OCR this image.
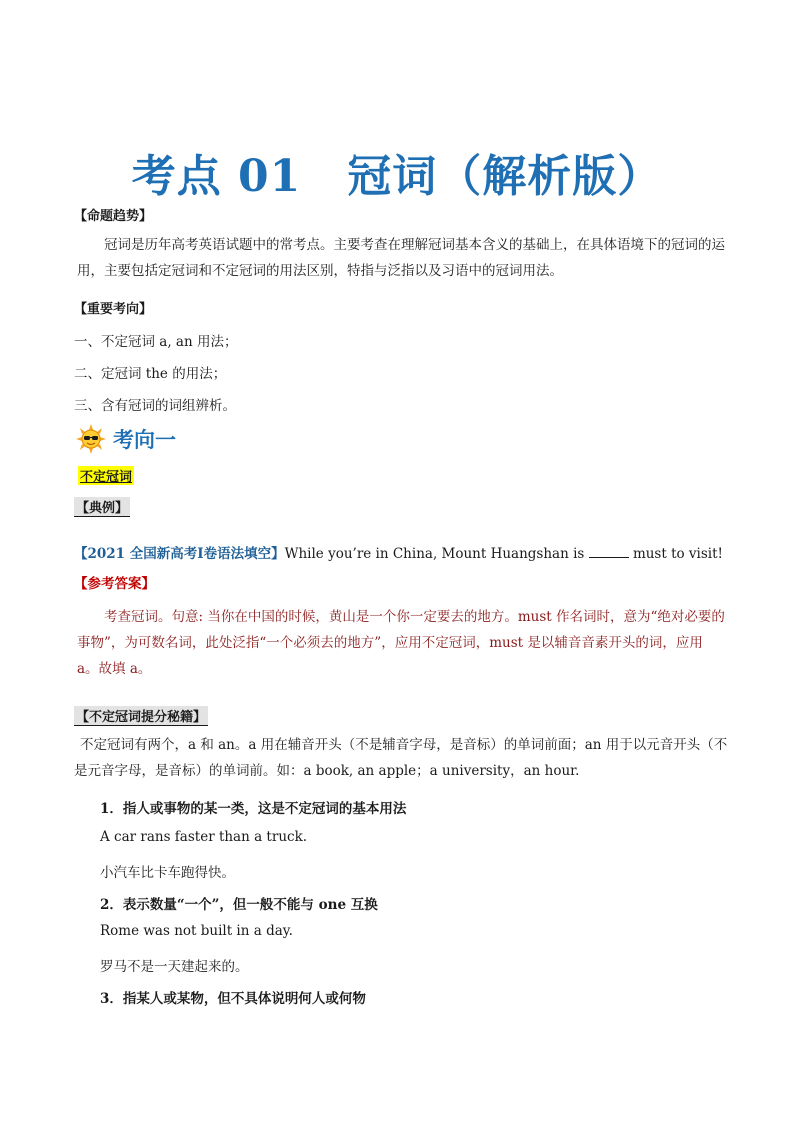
考点 01 冠词（解析版）
【命题趋势】
冠词是历年高考英语试题中的常考点。主要考查在理解冠词基本含义的基础上，在具体语境下的冠词的运用，主要包括定冠词和不定冠词的用法区别，特指与泛指以及习语中的冠词用法。
【重要考向】
一、不定冠词 a, an 用法；
二、定冠词 the 的用法；
三、含有冠词的词组辨析。
考向一
不定冠词
【典例】
【2021 全国新高考Ⅰ卷语法填空】While you’re in China, Mount Huangshan is	must to visit!
【参考答案】
考查冠词。句意: 当你在中国的时候，黄山是一个你一定要去的地方。must 作名词时，意为“绝对必要的事物”，为可数名词，此处泛指“一个必须去的地方”，应用不定冠词，must 是以辅音音素开头的词，应用 a。故填 a。
【不定冠词提分秘籍】
不定冠词有两个，a 和 an。a 用在辅音开头（不是辅音字母，是音标）的单词前面；an 用于以元音开头（不是元音字母，是音标）的单词前。如：a book, an apple；a university，an hour.
1．指人或事物的某一类，这是不定冠词的基本用法
A car rans faster than a truck.
小汽车比卡车跑得快。
2．表示数量“一个”，但一般不能与 one 互换
Rome was not built in a day.
罗马不是一天建起来的。
3．指某人或某物，但不具体说明何人或何物
